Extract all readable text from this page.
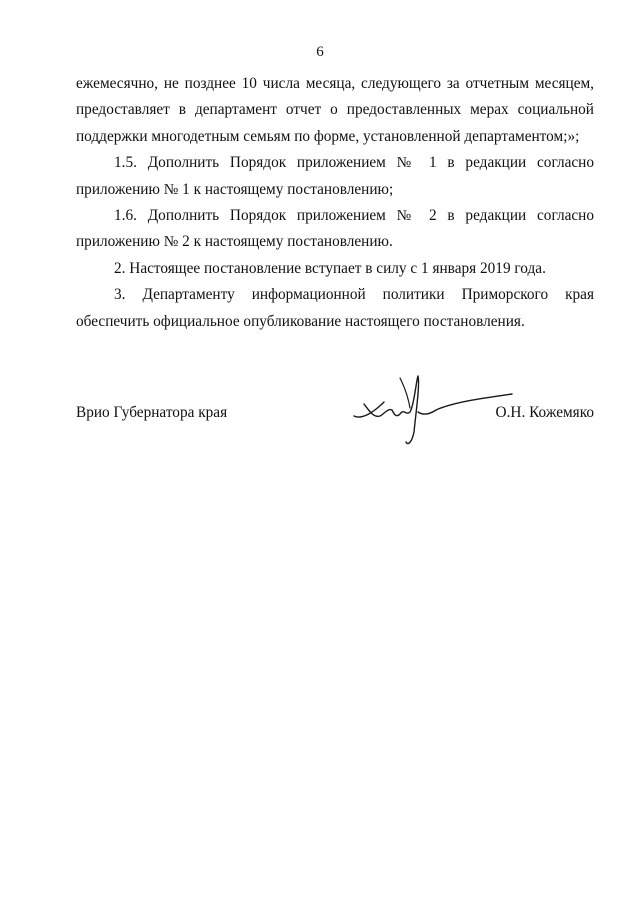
6

ежемесячно, не позднее 10 числа месяца, следующего за отчетным месяцем, предоставляет в департамент отчет о предоставленных мерах социальной поддержки многодетным семьям по форме, установленной департаментом;»;

1.5. Дополнить Порядок приложением № 1 в редакции согласно приложению № 1 к настоящему постановлению;

1.6. Дополнить Порядок приложением № 2 в редакции согласно приложению № 2 к настоящему постановлению.

2. Настоящее постановление вступает в силу с 1 января 2019 года.

3. Департаменту информационной политики Приморского края обеспечить официальное опубликование настоящего постановления.

Врио Губернатора края	О.Н. Кожемяко
